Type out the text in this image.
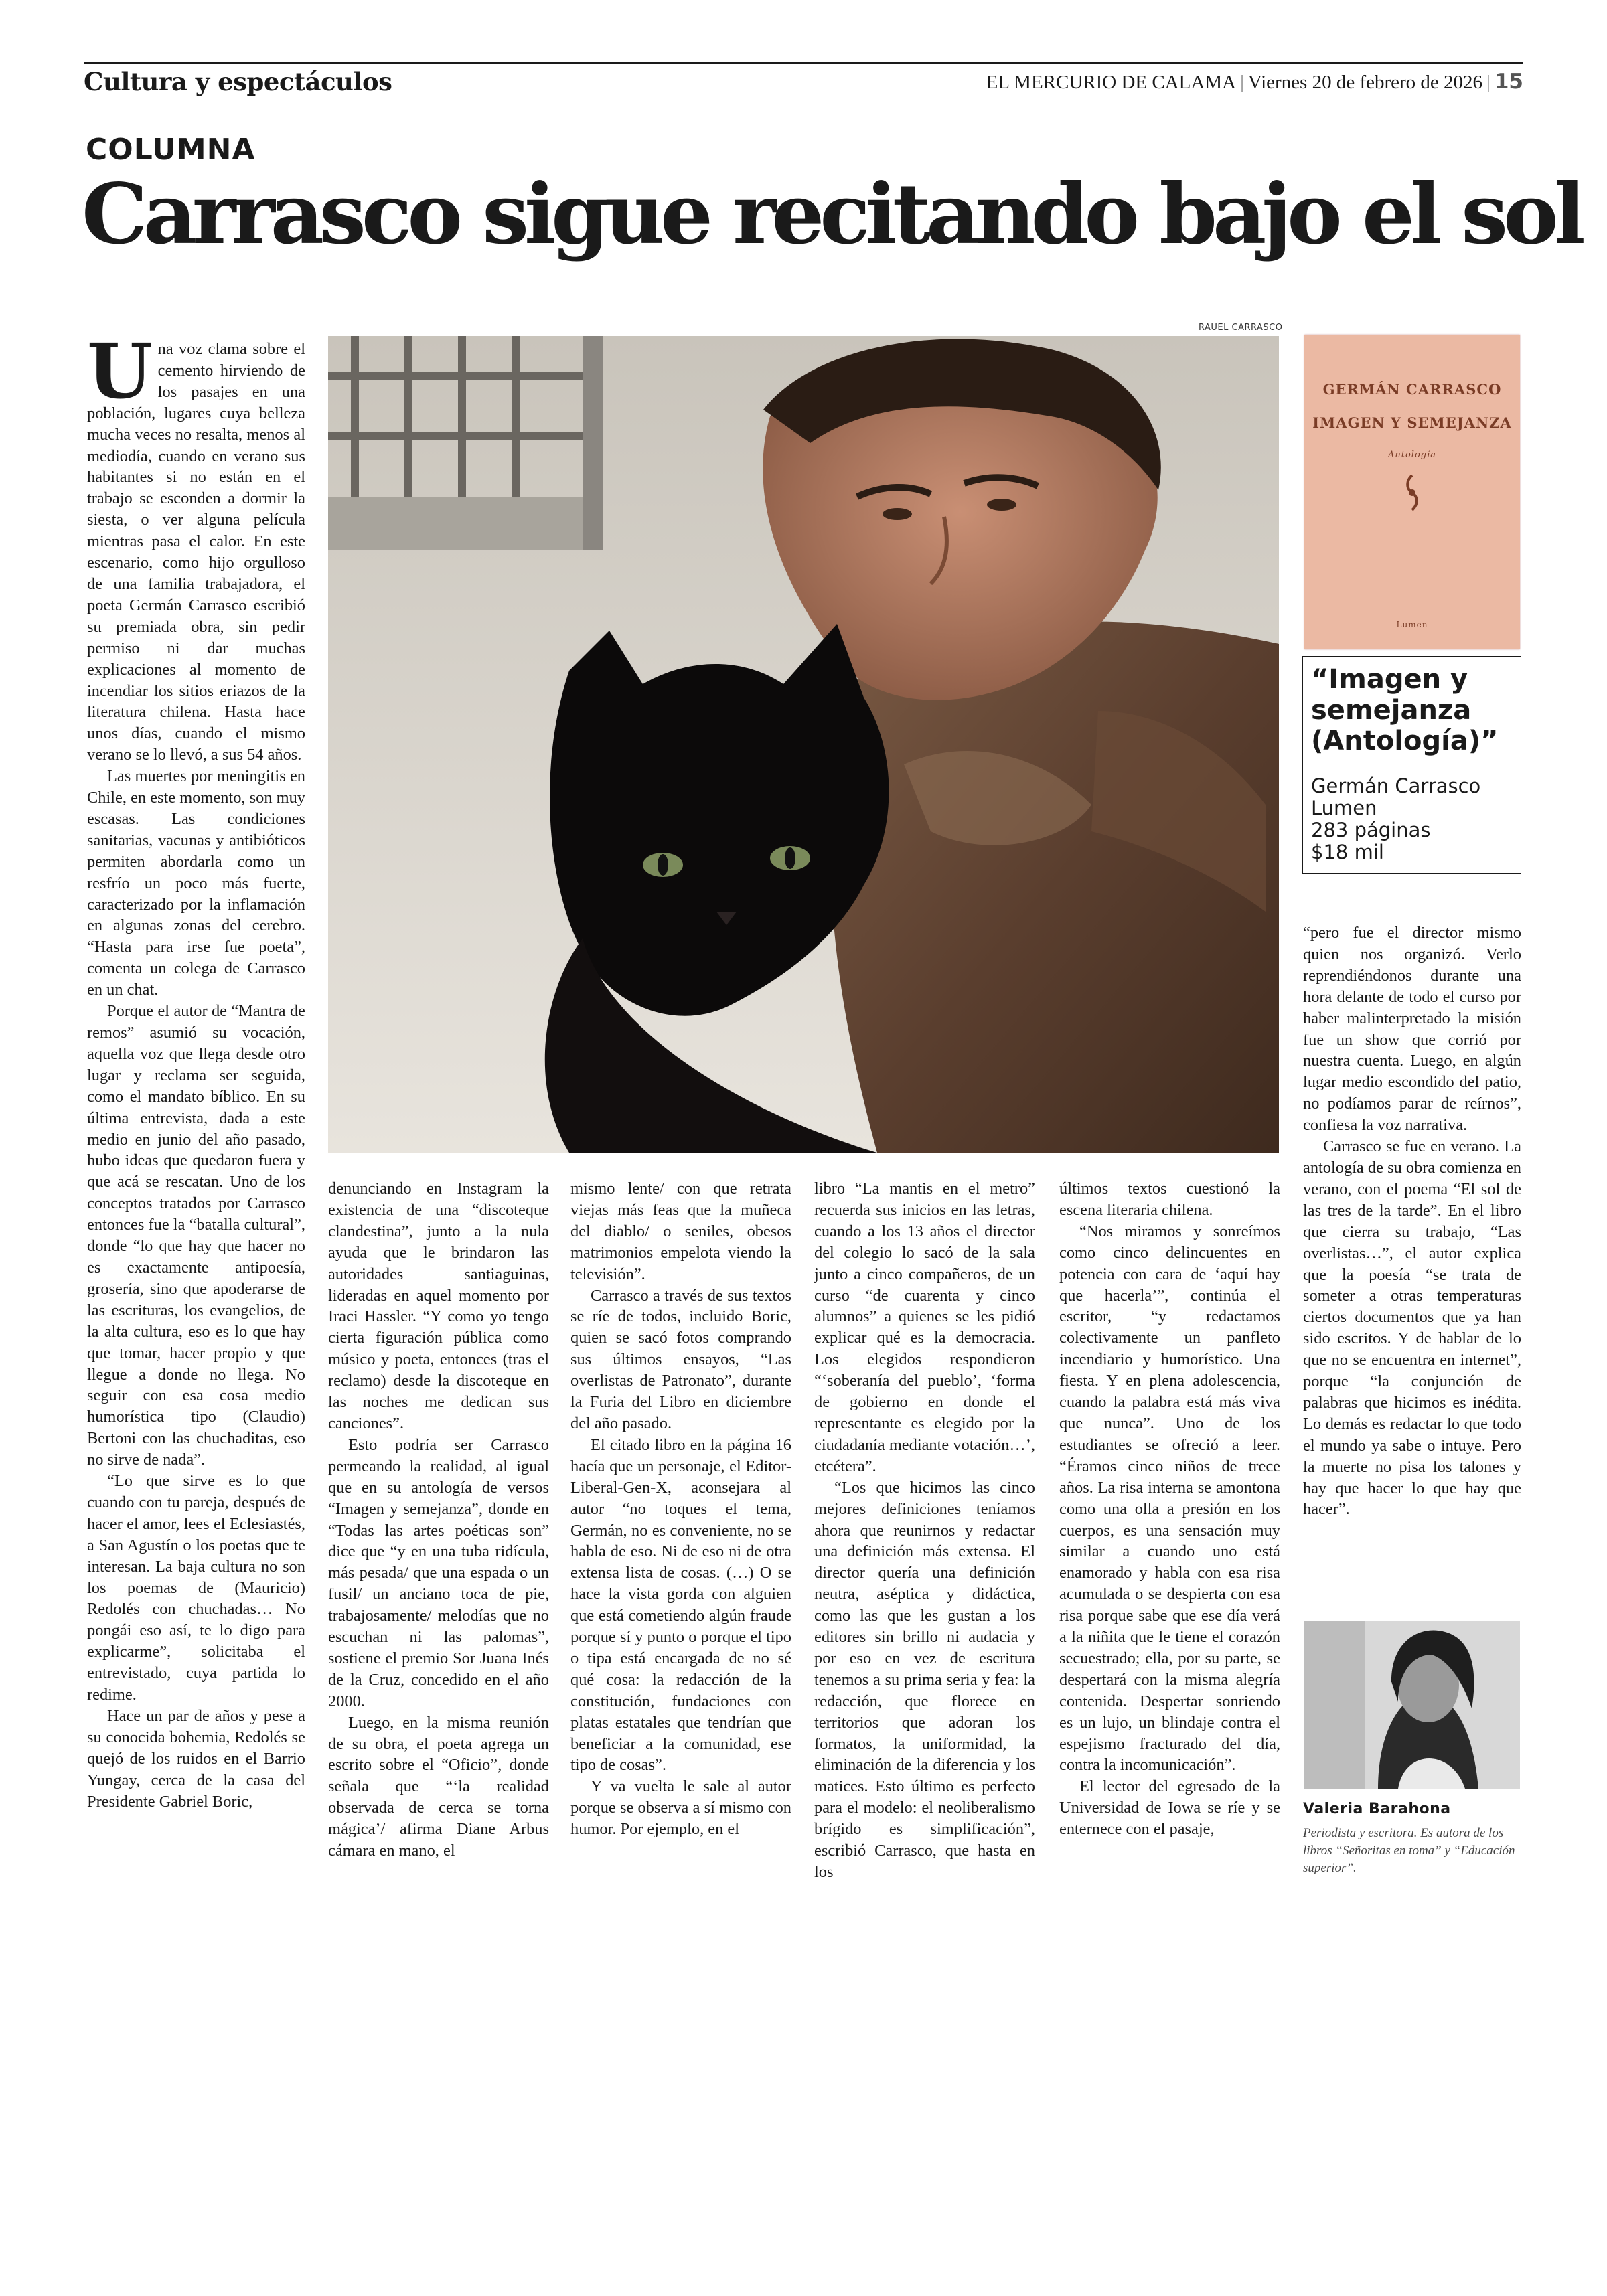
Cultura y espectáculos	EL MERCURIO DE CALAMA | Viernes 20 de febrero de 2026 | 15
COLUMNA
Carrasco sigue recitando bajo el sol
RAUEL CARRASCO

Una voz clama sobre el cemento hirviendo de los pasajes en una población, lugares cuya belleza mucha veces no resalta, menos al mediodía, cuando en verano sus habitantes si no están en el trabajo se esconden a dormir la siesta, o ver alguna película mientras pasa el calor. En este escenario, como hijo orgulloso de una familia trabajadora, el poeta Germán Carrasco escribió su premiada obra, sin pedir permiso ni dar muchas explicaciones al momento de incendiar los sitios eriazos de la literatura chilena. Hasta hace unos días, cuando el mismo verano se lo llevó, a sus 54 años.

Las muertes por meningitis en Chile, en este momento, son muy escasas. Las condiciones sanitarias, vacunas y antibióticos permiten abordarla como un resfrío un poco más fuerte, caracterizado por la inflamación en algunas zonas del cerebro. “Hasta para irse fue poeta”, comenta un colega de Carrasco en un chat.

Porque el autor de “Mantra de remos” asumió su vocación, aquella voz que llega desde otro lugar y reclama ser seguida, como el mandato bíblico. En su última entrevista, dada a este medio en junio del año pasado, hubo ideas que quedaron fuera y que acá se rescatan. Uno de los conceptos tratados por Carrasco entonces fue la “batalla cultural”, donde “lo que hay que hacer no es exactamente antipoesía, grosería, sino que apoderarse de las escrituras, los evangelios, de la alta cultura, eso es lo que hay que tomar, hacer propio y que llegue a donde no llega. No seguir con esa cosa medio humorística tipo (Claudio) Bertoni con las chuchaditas, eso no sirve de nada”.

“Lo que sirve es lo que cuando con tu pareja, después de hacer el amor, lees el Eclesiastés, a San Agustín o los poetas que te interesan. La baja cultura no son los poemas de (Mauricio) Redolés con chuchadas… No pongái eso así, te lo digo para explicarme”, solicitaba el entrevistado, cuya partida lo redime.

Hace un par de años y pese a su conocida bohemia, Redolés se quejó de los ruidos en el Barrio Yungay, cerca de la casa del Presidente Gabriel Boric,

denunciando en Instagram la existencia de una “discoteque clandestina”, junto a la nula ayuda que le brindaron las autoridades santiaguinas, lideradas en aquel momento por Iraci Hassler. “Y como yo tengo cierta figuración pública como músico y poeta, entonces (tras el reclamo) desde la discoteque en las noches me dedican sus canciones”.

Esto podría ser Carrasco permeando la realidad, al igual que en su antología de versos “Imagen y semejanza”, donde en “Todas las artes poéticas son” dice que “y en una tuba ridícula, más pesada/ que una espada o un fusil/ un anciano toca de pie, trabajosamente/ melodías que no escuchan ni las palomas”, sostiene el premio Sor Juana Inés de la Cruz, concedido en el año 2000.

Luego, en la misma reunión de su obra, el poeta agrega un escrito sobre el “Oficio”, donde señala que “‘la realidad observada de cerca se torna mágica’/ afirma Diane Arbus cámara en mano, el

mismo lente/ con que retrata viejas más feas que la muñeca del diablo/ o seniles, obesos matrimonios empelota viendo la televisión”.

Carrasco a través de sus textos se ríe de todos, incluido Boric, quien se sacó fotos comprando sus últimos ensayos, “Las overlistas de Patronato”, durante la Furia del Libro en diciembre del año pasado.

El citado libro en la página 16 hacía que un personaje, el Editor-Liberal-Gen-X, aconsejara al autor “no toques el tema, Germán, no es conveniente, no se habla de eso. Ni de eso ni de otra extensa lista de cosas. (…) O se hace la vista gorda con alguien que está cometiendo algún fraude porque sí y punto o porque el tipo o tipa está encargada de no sé qué cosa: la redacción de la constitución, fundaciones con platas estatales que tendrían que beneficiar a la comunidad, ese tipo de cosas”.

Y va vuelta le sale al autor porque se observa a sí mismo con humor. Por ejemplo, en el

libro “La mantis en el metro” recuerda sus inicios en las letras, cuando a los 13 años el director del colegio lo sacó de la sala junto a cinco compañeros, de un curso “de cuarenta y cinco alumnos” a quienes se les pidió explicar qué es la democracia. Los elegidos respondieron “‘soberanía del pueblo’, ‘forma de gobierno en donde el representante es elegido por la ciudadanía mediante votación…’, etcétera”.

“Los que hicimos las cinco mejores definiciones teníamos ahora que reunirnos y redactar una definición más extensa. El director quería una definición neutra, aséptica y didáctica, como las que les gustan a los editores sin brillo ni audacia y por eso en vez de escritura tenemos a su prima seria y fea: la redacción, que florece en territorios que adoran los formatos, la uniformidad, la eliminación de la diferencia y los matices. Esto último es perfecto para el modelo: el neoliberalismo brígido es simplificación”, escribió Carrasco, que hasta en los

últimos textos cuestionó la escena literaria chilena.

“Nos miramos y sonreímos como cinco delincuentes en potencia con cara de ‘aquí hay que hacerla’”, continúa el escritor, “y redactamos colectivamente un panfleto incendiario y humorístico. Una fiesta. Y en plena adolescencia, cuando la palabra está más viva que nunca”. Uno de los estudiantes se ofreció a leer. “Éramos cinco niños de trece años. La risa interna se amontona como una olla a presión en los cuerpos, es una sensación muy similar a cuando uno está enamorado y habla con esa risa acumulada o se despierta con esa risa porque sabe que ese día verá a la niñita que le tiene el corazón secuestrado; ella, por su parte, se despertará con la misma alegría contenida. Despertar sonriendo es un lujo, un blindaje contra el espejismo fracturado del día, contra la incomunicación”.

El lector del egresado de la Universidad de Iowa se ríe y se enternece con el pasaje,

GERMÁN CARRASCO
IMAGEN Y SEMEJANZA
Antología
Lumen
“Imagen y semejanza (Antología)”
Germán Carrasco
Lumen
283 páginas
$18 mil

“pero fue el director mismo quien nos organizó. Verlo reprendiéndonos durante una hora delante de todo el curso por haber malinterpretado la misión fue un show que corrió por nuestra cuenta. Luego, en algún lugar medio escondido del patio, no podíamos parar de reírnos”, confiesa la voz narrativa.

Carrasco se fue en verano. La antología de su obra comienza en verano, con el poema “El sol de las tres de la tarde”. En el libro que cierra su trabajo, “Las overlistas…”, el autor explica que la poesía “se trata de someter a otras temperaturas ciertos documentos que ya han sido escritos. Y de hablar de lo que no se encuentra en internet”, porque “la conjunción de palabras que hicimos es inédita. Lo demás es redactar lo que todo el mundo ya sabe o intuye. Pero la muerte no pisa los talones y hay que hacer lo que hay que hacer”.

Valeria Barahona
Periodista y escritora. Es autora de los libros “Señoritas en toma” y “Educación superior”.
